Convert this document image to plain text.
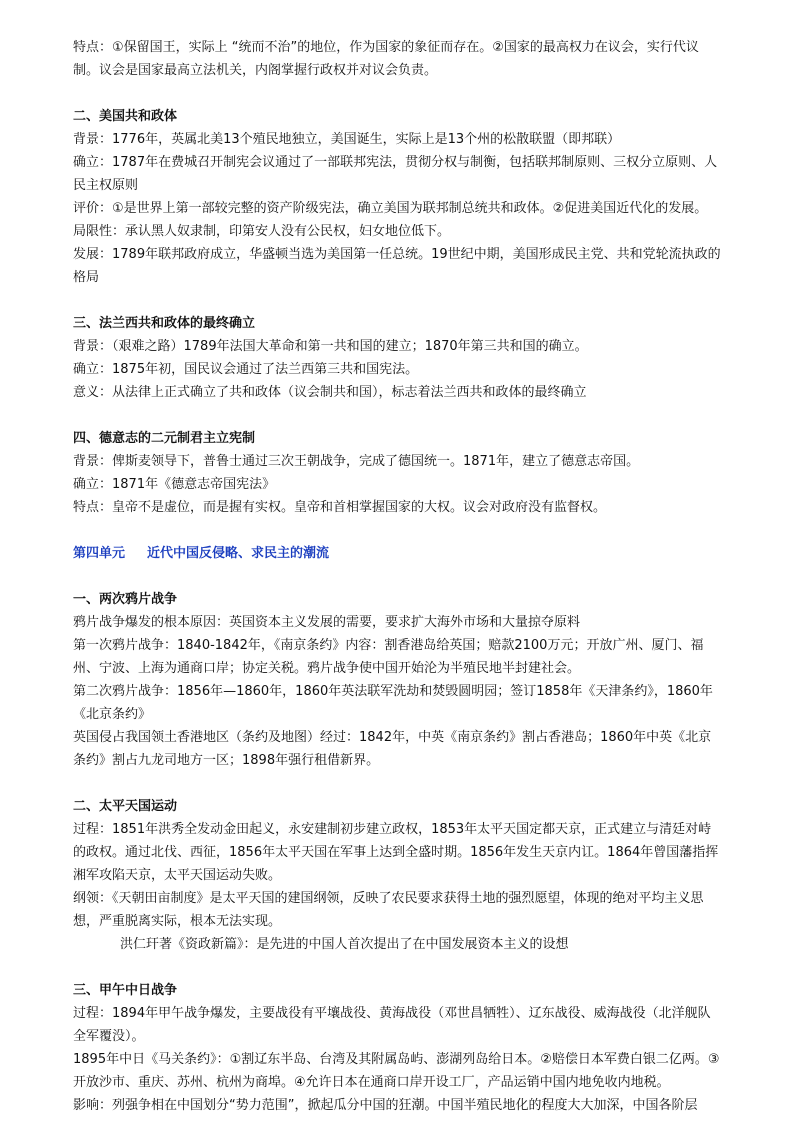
特点：①保留国王，实际上 “统而不治”的地位，作为国家的象征而存在。②国家的最高权力在议会，实行代议制。议会是国家最高立法机关，内阁掌握行政权并对议会负责。

二、美国共和政体

背景：1776年，英属北美13个殖民地独立，美国诞生，实际上是13个州的松散联盟（即邦联）

确立：1787年在费城召开制宪会议通过了一部联邦宪法，贯彻分权与制衡，包括联邦制原则、三权分立原则、人民主权原则

评价：①是世界上第一部较完整的资产阶级宪法，确立美国为联邦制总统共和政体。②促进美国近代化的发展。

局限性：承认黑人奴隶制，印第安人没有公民权，妇女地位低下。

发展：1789年联邦政府成立，华盛顿当选为美国第一任总统。19世纪中期，美国形成民主党、共和党轮流执政的格局

三、法兰西共和政体的最终确立

背景：（艰难之路）1789年法国大革命和第一共和国的建立；1870年第三共和国的确立。

确立：1875年初，国民议会通过了法兰西第三共和国宪法。

意义：从法律上正式确立了共和政体（议会制共和国），标志着法兰西共和政体的最终确立

四、德意志的二元制君主立宪制

背景：俾斯麦领导下，普鲁士通过三次王朝战争，完成了德国统一。1871年，建立了德意志帝国。

确立：1871年《德意志帝国宪法》

特点：皇帝不是虚位，而是握有实权。皇帝和首相掌握国家的大权。议会对政府没有监督权。

第四单元 近代中国反侵略、求民主的潮流

一、两次鸦片战争

鸦片战争爆发的根本原因：英国资本主义发展的需要，要求扩大海外市场和大量掠夺原料

第一次鸦片战争：1840-1842年，《南京条约》内容：割香港岛给英国；赔款2100万元；开放广州、厦门、福州、宁波、上海为通商口岸；协定关税。鸦片战争使中国开始沦为半殖民地半封建社会。

第二次鸦片战争：1856年—1860年，1860年英法联军洗劫和焚毁圆明园；签订1858年《天津条约》，1860年《北京条约》

英国侵占我国领土香港地区（条约及地图）经过：1842年，中英《南京条约》割占香港岛；1860年中英《北京条约》割占九龙司地方一区；1898年强行租借新界。

二、太平天国运动

过程：1851年洪秀全发动金田起义，永安建制初步建立政权，1853年太平天国定都天京，正式建立与清廷对峙的政权。通过北伐、西征，1856年太平天国在军事上达到全盛时期。1856年发生天京内讧。1864年曾国藩指挥湘军攻陷天京，太平天国运动失败。

纲领：《天朝田亩制度》是太平天国的建国纲领，反映了农民要求获得土地的强烈愿望，体现的绝对平均主义思想，严重脱离实际，根本无法实现。

洪仁玕著《资政新篇》：是先进的中国人首次提出了在中国发展资本主义的设想

三、甲午中日战争

过程：1894年甲午战争爆发，主要战役有平壤战役、黄海战役（邓世昌牺牲）、辽东战役、威海战役（北洋舰队全军覆没）。

1895年中日《马关条约》：①割辽东半岛、台湾及其附属岛屿、澎湖列岛给日本。②赔偿日本军费白银二亿两。③开放沙市、重庆、苏州、杭州为商埠。④允许日本在通商口岸开设工厂，产品运销中国内地免收内地税。

影响：列强争相在中国划分“势力范围”，掀起瓜分中国的狂潮。中国半殖民地化的程度大大加深，中国各阶层
